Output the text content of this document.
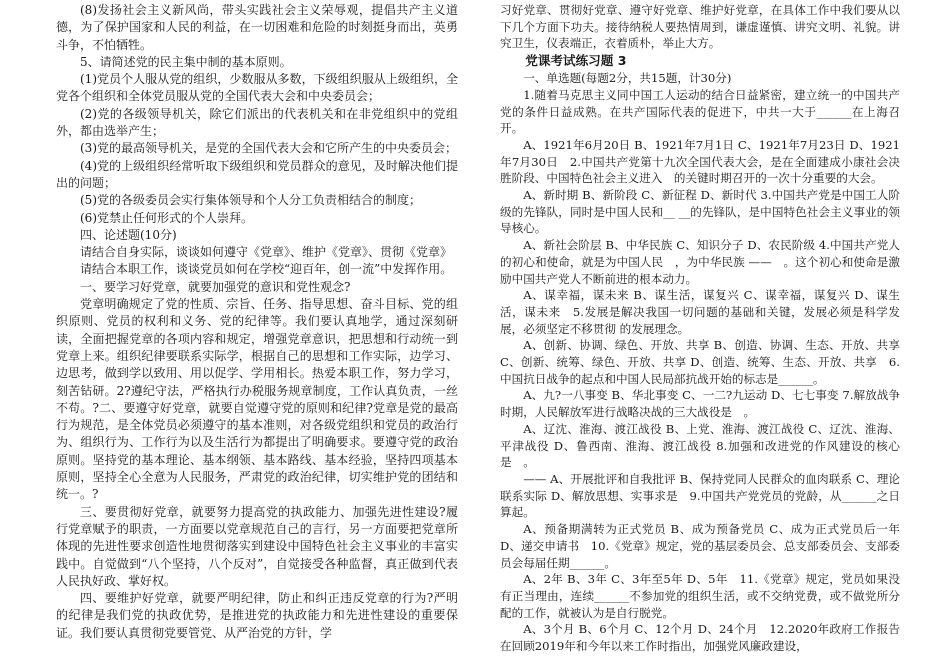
(8)发扬社会主义新风尚，带头实践社会主义荣辱观，提倡共产主义道德，为了保护国家和人民的利益，在一切困难和危险的时刻挺身而出，英勇斗争，不怕牺牲。

5、请简述党的民主集中制的基本原则。

(1)党员个人服从党的组织，少数服从多数，下级组织服从上级组织，全党各个组织和全体党员服从党的全国代表大会和中央委员会；

(2)党的各级领导机关，除它们派出的代表机关和在非党组织中的党组外，都由选举产生；

(3)党的最高领导机关，是党的全国代表大会和它所产生的中央委员会；

(4)党的上级组织经常听取下级组织和党员群众的意见，及时解决他们提出的问题；

(5)党的各级委员会实行集体领导和个人分工负责相结合的制度；

(6)党禁止任何形式的个人崇拜。

四、论述题(10分)

请结合自身实际，谈谈如何遵守《党章》、维护《党章》、贯彻《党章》

请结合本职工作，谈谈党员如何在学校“迎百年，创一流”中发挥作用。

一、要学习好党章，就要加强党的意识和党性观念?

党章明确规定了党的性质、宗旨、任务、指导思想、奋斗目标、党的组织原则、党员的权利和义务、党的纪律等。我们要认真地学，通过深刻研读，全面把握党章的各项内容和规定，增强党章意识，把思想和行动统一到党章上来。组织纪律要联系实际学，根据自己的思想和工作实际，边学习、边思考，做到学以致用、用以促学、学用相长。热爱本职工作，努力学习，刻苦钻研。2?遵纪守法，严格执行办税服务规章制度，工作认真负责，一丝不苟。?二、要遵守好党章，就要自觉遵守党的原则和纪律?党章是党的最高行为规范，是全体党员必须遵守的基本准则，对各级党组织和党员的政治行为、组织行为、工作行为以及生活行为都提出了明确要求。要遵守党的政治原则。坚持党的基本理论、基本纲领、基本路线、基本经验，坚持四项基本原则，坚持全心全意为人民服务，严肃党的政治纪律，切实维护党的团结和统一。?

三、要贯彻好党章，就要努力提高党的执政能力、加强先进性建设?履行党章赋予的职责，一方面要以党章规范自己的言行，另一方面要把党章所体现的先进性要求创造性地贯彻落实到建设中国特色社会主义事业的丰富实践中。自觉做到“八个坚持，八个反对”，自觉接受各种监督，真正做到代表人民执好政、掌好权。

四、要维护好党章，就要严明纪律，防止和纠正违反党章的行为?严明的纪律是我们党的执政优势，是推进党的执政能力和先进性建设的重要保证。我们要认真贯彻党要管党、从严治党的方针，学

习好党章、贯彻好党章、遵守好党章、维护好党章，在具体工作中我们要从以下几个方面下功夫。接待纳税人要热情周到，谦虚谨慎、讲究文明、礼貌。讲究卫生，仪表端正，衣着质朴，举止大方。

党课考试练习题 3

一、单选题(每题2分，共15题，计30分)

1.随着马克思主义同中国工人运动的结合日益紧密，建立统一的中国共产党的条件日益成熟。在共产国际代表的促进下，中共一大于______在上海召开。

A、1921年6月20日 B、1921年7月1日 C、1921年7月23日 D、1921年7月30日　2.中国共产党第十九次全国代表大会，是在全面建成小康社会决胜阶段、中国特色社会主义进入　的关键时期召开的一次十分重要的大会。

A、新时期 B、新阶段 C、新征程 D、新时代 3.中国共产党是中国工人阶级的先锋队，同时是中国人民和__ __的先锋队，是中国特色社会主义事业的领导核心。

A、新社会阶层 B、中华民族 C、知识分子 D、农民阶级 4.中国共产党人的初心和使命，就是为中国人民　，为中华民族 ——　。这个初心和使命是激励中国共产党人不断前进的根本动力。

A、谋幸福，谋未来 B、谋生活，谋复兴 C、谋幸福，谋复兴 D、谋生活，谋未来　5.发展是解决我国一切问题的基础和关键，发展必须是科学发展，必须坚定不移贯彻 的发展理念。

A、创新、协调、绿色、开放、共享 B、创造、协调、生态、开放、共享 C、创新、统筹、绿色、开放、共享 D、创造、统筹、生态、开放、共享　6.中国抗日战争的起点和中国人民局部抗战开始的标志是______。

A、九?一八事变 B、华北事变 C、一二?九运动 D、七七事变 7.解放战争时期，人民解放军进行战略决战的三大战役是　。

A、辽沈、淮海、渡江战役 B、上党、淮海、渡江战役 C、辽沈、淮海、平津战役 D、鲁西南、淮海、渡江战役 8.加强和改进党的作风建设的核心是　。

—— A、开展批评和自我批评 B、保持党同人民群众的血肉联系 C、理论联系实际 D、解放思想、实事求是　9.中国共产党党员的党龄，从______之日算起。

A、预备期满转为正式党员 B、成为预备党员 C、成为正式党员后一年 D、递交申请书　10.《党章》规定，党的基层委员会、总支部委员会、支部委员会每届任期______。

A、2年 B、3年 C、3年至5年 D、5年　11.《党章》规定，党员如果没有正当理由，连续______不参加党的组织生活，或不交纳党费，或不做党所分配的工作，就被认为是自行脱党。

A、3个月 B、6个月 C、12个月 D、24个月　12.2020年政府工作报告在回顾2019年和今年以来工作时指出，加强党风廉政建设，
